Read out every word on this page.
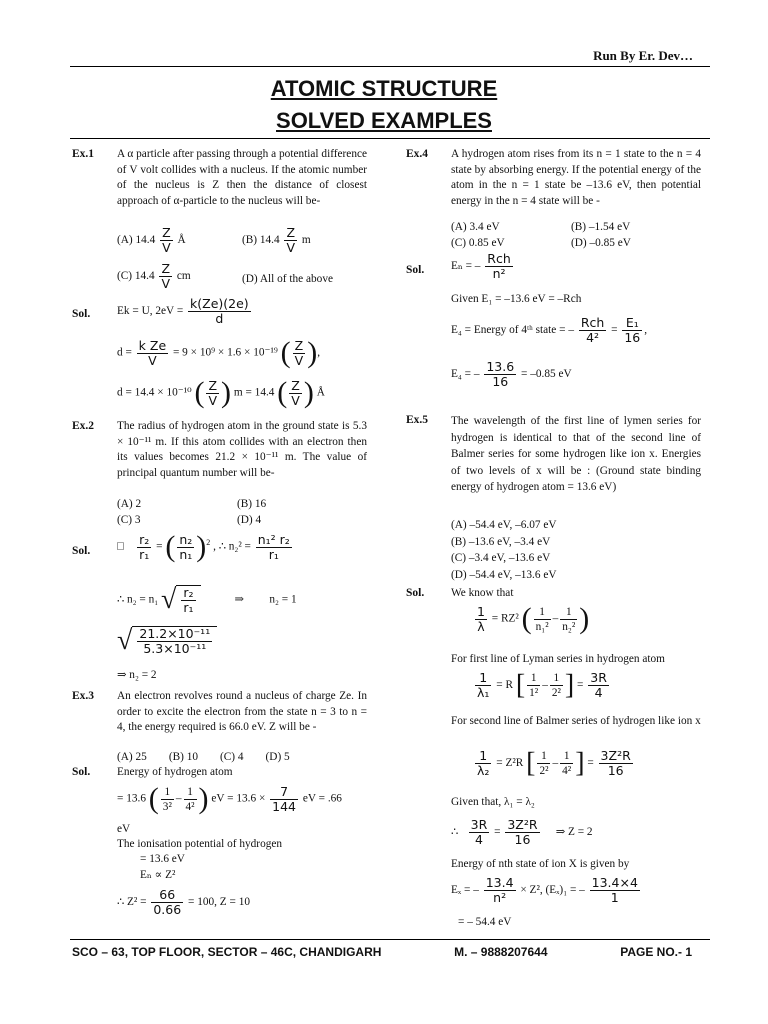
Run By Er. Dev…
ATOMIC STRUCTURE
SOLVED EXAMPLES
Ex.1 A α particle after passing through a potential difference of V volt collides with a nucleus. If the atomic number of the nucleus is Z then the distance of closest approach of α-particle to the nucleus will be-
(A) $14.4 \frac{Z}{V}$ Å	(B) $14.4 \frac{Z}{V}$ m
(C) $14.4 \frac{Z}{V}$ cm	(D) All of the above
Sol. Ek = U, $2eV = \frac{k(Ze)(2e)}{d}$
$d = \frac{\text{k Ze}}{V} = 9 \times 10^9 \times 1.6 \times 10^{-19}$ ( $\frac{Z}{V}$ ),
d = 14.4 × 10⁻¹⁰ ( $\frac{Z}{V}$ ) m = 14.4 ( $\frac{Z}{V}$ ) Å
Ex.2 The radius of hydrogen atom in the ground state is 5.3 × 10⁻¹¹ m. If this atom collides with an electron then its values becomes 21.2 × 10⁻¹¹ m. The value of principal quantum number will be-
(A) 2	(B) 16
(C) 3	(D) 4
Sol. □ $\frac{\text{r₂}}{\text{r₁}}$ = ( $\frac{\text{n₂}}{\text{n₁}} )^2$ , ∴ $n_2^2 = \frac{\text{n₁² r₂}}{\text{r₁}}$
∴ n₂ = n₁ √ $\frac{\text{r₂}}{\text{r₁}}$	⇒ n₂ = 1
√ $\frac{\text{21.2×10⁻¹¹}}{\text{5.3×10⁻¹¹}}$
⇒ n₂ = 2
Ex.3 An electron revolves round a nucleus of charge Ze. In order to excite the electron from the state n = 3 to n = 4, the energy required is 66.0 eV. Z will be -
(A) 25 (B) 10 (C) 4 (D) 5
Sol. Energy of hydrogen atom
= 13.6 ( $\frac{1}{\text{3²}} - \frac{1}{\text{4²}}$ ) eV = $13.6 \times \frac{7}{144}$ eV = .66
eV
The ionisation potential of hydrogen
= 13.6 eV
Eₙ ∝ Z²
∴ $Z^2 = \frac{66}{0.66} = 100$, Z = 10
Ex.4 A hydrogen atom rises from its n = 1 state to the n = 4 state by absorbing energy. If the potential energy of the atom in the n = 1 state be –13.6 eV, then potential energy in the n = 4 state will be -
(A) 3.4 eV	(B) –1.54 eV
(C) 0.85 eV	(D) –0.85 eV
Sol. Eₙ = – $\frac{\text{Rch}}{\text{n²}}$
Given E₁ = –13.6 eV = –Rch
E₄ = Energy of 4ᵗʰ state = – $\frac{\text{Rch}}{\text{4²}} = \frac{\text{E₁}}{16}$ ,
E₄ = – $\frac{13.6}{16} = -0.85$ eV
Ex.5 The wavelength of the first line of lymen series for hydrogen is identical to that of the second line of Balmer series for some hydrogen like ion x. Energies of two levels of x will be : (Ground state binding energy of hydrogen atom = 13.6 eV)
(A) –54.4 eV, –6.07 eV
(B) –13.6 eV, –3.4 eV
(C) –3.4 eV, –13.6 eV
(D) –54.4 eV, –13.6 eV
Sol. We know that
$\frac{1}{\lambda} = RZ^2$ ( $\frac{1}{\text{n₁²}} - \frac{1}{\text{n₂²}}$ )
For first line of Lyman series in hydrogen atom
$\frac{1}{\text{λ₁}} = R$ [ $\frac{1}{\text{1²}} - \frac{1}{\text{2²}}$ ] = $\frac{3R}{4}$
For second line of Balmer series of hydrogen like ion x
$\frac{1}{\text{λ₂}} = Z^2R$ [ $\frac{1}{\text{2²}} - \frac{1}{\text{4²}}$ ] = $\frac{\text{3Z²R}}{16}$
Given that, λ₁ = λ₂
∴ $\frac{3R}{4} = \frac{\text{3Z²R}}{16}$ ⇒ Z = 2
Energy of nth state of ion X is given by
Eₓ = – $\frac{13.4}{\text{n²}} \times Z^2$, (Eₓ)₁ = – $\frac{13.4\times 4}{1}$
= – 54.4 eV
SCO – 63, TOP FLOOR, SECTOR – 46C, CHANDIGARH	M. – 9888207644	PAGE NO.- 1
